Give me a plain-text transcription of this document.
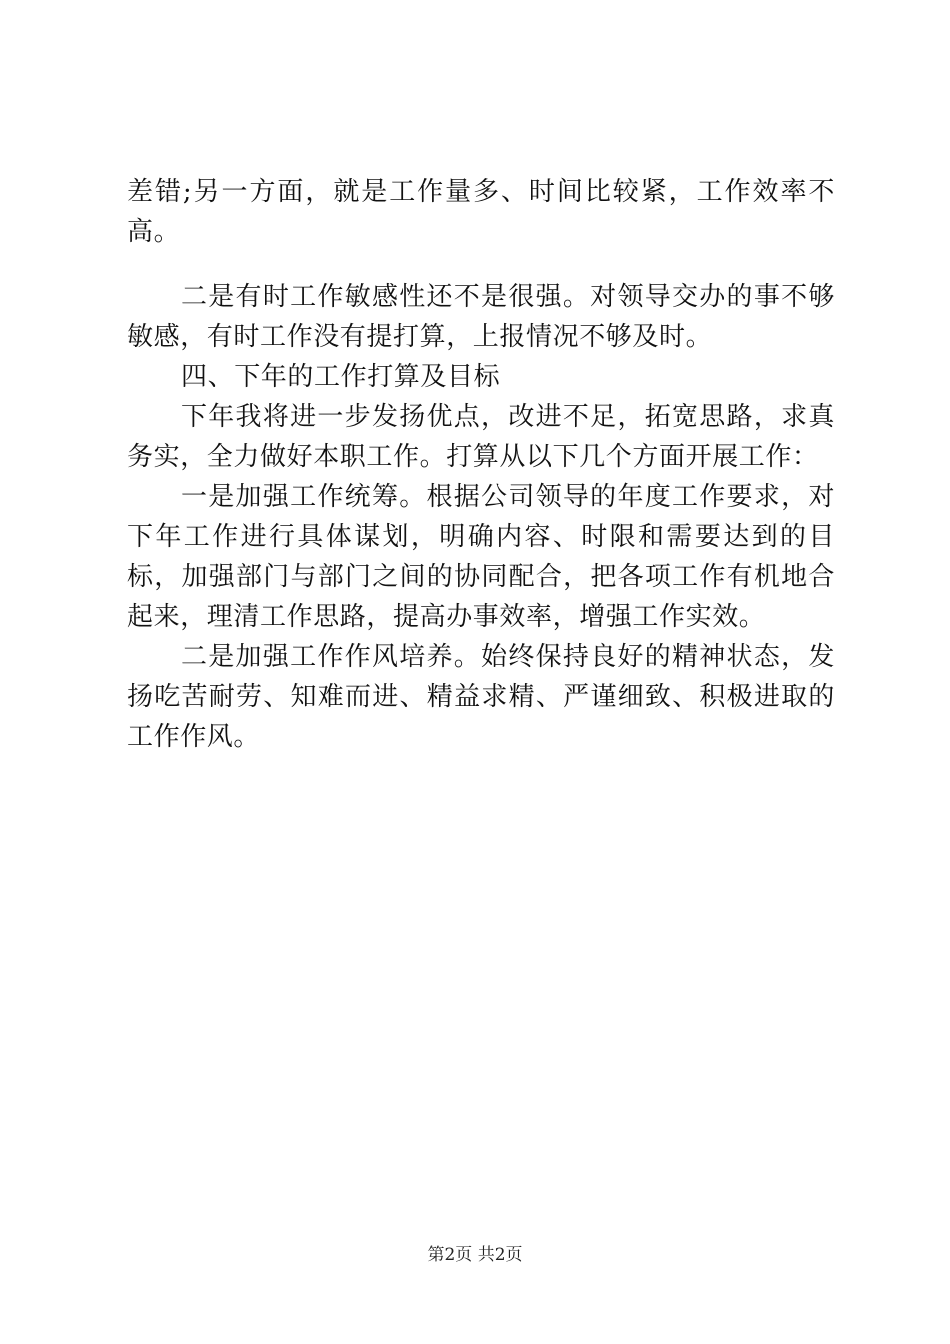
差错;另一方面，就是工作量多、时间比较紧，工作效率不高。

二是有时工作敏感性还不是很强。对领导交办的事不够敏感，有时工作没有提打算，上报情况不够及时。

四、下年的工作打算及目标

下年我将进一步发扬优点，改进不足，拓宽思路，求真务实，全力做好本职工作。打算从以下几个方面开展工作：

一是加强工作统筹。根据公司领导的年度工作要求，对下年工作进行具体谋划，明确内容、时限和需要达到的目标，加强部门与部门之间的协同配合，把各项工作有机地合起来，理清工作思路，提高办事效率，增强工作实效。

二是加强工作作风培养。始终保持良好的精神状态，发扬吃苦耐劳、知难而进、精益求精、严谨细致、积极进取的工作作风。

第2页 共2页
